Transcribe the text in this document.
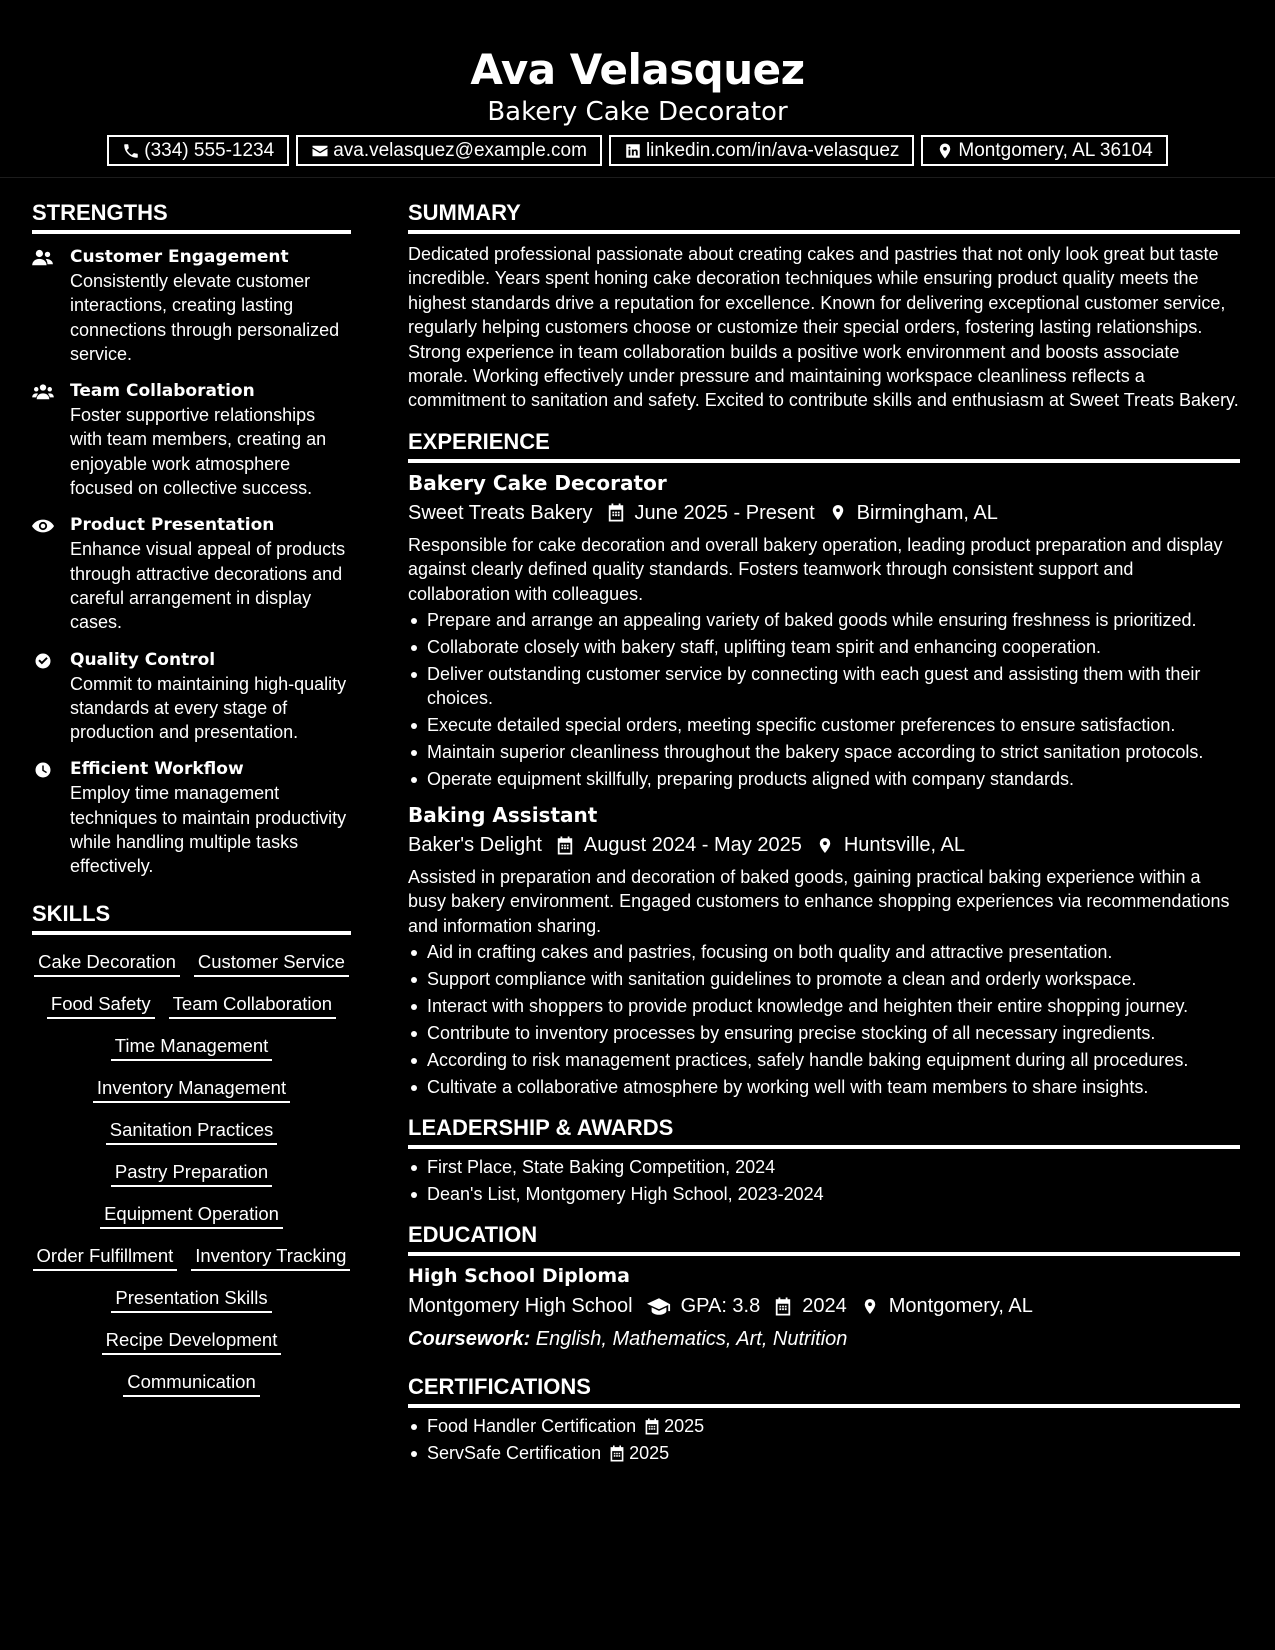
Ava Velasquez
Bakery Cake Decorator
(334) 555-1234	ava.velasquez@example.com	linkedin.com/in/ava-velasquez	Montgomery, AL 36104
STRENGTHS
Customer Engagement
Consistently elevate customer interactions, creating lasting connections through personalized service.
Team Collaboration
Foster supportive relationships with team members, creating an enjoyable work atmosphere focused on collective success.
Product Presentation
Enhance visual appeal of products through attractive decorations and careful arrangement in display cases.
Quality Control
Commit to maintaining high-quality standards at every stage of production and presentation.
Efficient Workflow
Employ time management techniques to maintain productivity while handling multiple tasks effectively.
SKILLS
Cake Decoration Customer Service
Food Safety Team Collaboration
Time Management
Inventory Management
Sanitation Practices
Pastry Preparation
Equipment Operation
Order Fulfillment Inventory Tracking
Presentation Skills
Recipe Development
Communication
SUMMARY
Dedicated professional passionate about creating cakes and pastries that not only look great but taste incredible. Years spent honing cake decoration techniques while ensuring product quality meets the highest standards drive a reputation for excellence. Known for delivering exceptional customer service, regularly helping customers choose or customize their special orders, fostering lasting relationships. Strong experience in team collaboration builds a positive work environment and boosts associate morale. Working effectively under pressure and maintaining workspace cleanliness reflects a commitment to sanitation and safety. Excited to contribute skills and enthusiasm at Sweet Treats Bakery.
EXPERIENCE
Bakery Cake Decorator
Sweet Treats Bakery June 2025 - Present Birmingham, AL
Responsible for cake decoration and overall bakery operation, leading product preparation and display against clearly defined quality standards. Fosters teamwork through consistent support and collaboration with colleagues.
Prepare and arrange an appealing variety of baked goods while ensuring freshness is prioritized.
Collaborate closely with bakery staff, uplifting team spirit and enhancing cooperation.
Deliver outstanding customer service by connecting with each guest and assisting them with their choices.
Execute detailed special orders, meeting specific customer preferences to ensure satisfaction.
Maintain superior cleanliness throughout the bakery space according to strict sanitation protocols.
Operate equipment skillfully, preparing products aligned with company standards.
Baking Assistant
Baker's Delight August 2024 - May 2025 Huntsville, AL
Assisted in preparation and decoration of baked goods, gaining practical baking experience within a busy bakery environment. Engaged customers to enhance shopping experiences via recommendations and information sharing.
Aid in crafting cakes and pastries, focusing on both quality and attractive presentation.
Support compliance with sanitation guidelines to promote a clean and orderly workspace.
Interact with shoppers to provide product knowledge and heighten their entire shopping journey.
Contribute to inventory processes by ensuring precise stocking of all necessary ingredients.
According to risk management practices, safely handle baking equipment during all procedures.
Cultivate a collaborative atmosphere by working well with team members to share insights.
LEADERSHIP & AWARDS
First Place, State Baking Competition, 2024
Dean's List, Montgomery High School, 2023-2024
EDUCATION
High School Diploma
Montgomery High School GPA: 3.8 2024 Montgomery, AL
Coursework: English, Mathematics, Art, Nutrition
CERTIFICATIONS
Food Handler Certification 2025
ServSafe Certification 2025
